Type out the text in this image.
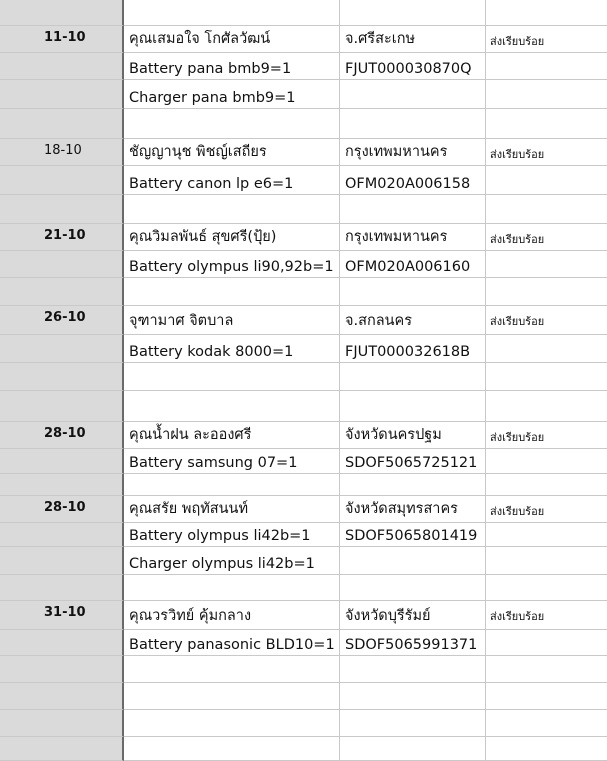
11-10	คุณเสมอใจ โกศัลวัฒน์	จ.ศรีสะเกษ	ส่งเรียบร้อย
Battery pana bmb9=1	FJUT000030870Q
Charger pana bmb9=1
18-10	ชัญญานุช พิชญ์เสถียร	กรุงเทพมหานคร	ส่งเรียบร้อย
Battery canon lp e6=1	OFM020A006158
21-10	คุณวิมลพันธ์ สุขศรี(ปุ้ย)	กรุงเทพมหานคร	ส่งเรียบร้อย
Battery olympus li90,92b=1 OFM020A006160
26-10	จุฑามาศ จิตบาล	จ.สกลนคร	ส่งเรียบร้อย
Battery kodak 8000=1	FJUT000032618B
28-10	คุณน้ำฝน ละอองศรี	จังหวัดนครปฐม	ส่งเรียบร้อย
Battery samsung 07=1	SDOF5065725121
28-10	คุณสรัย พฤทัสนนท์	จังหวัดสมุทรสาคร	ส่งเรียบร้อย
Battery olympus li42b=1 SDOF5065801419
Charger olympus li42b=1
31-10	คุณวรวิทย์ คุ้มกลาง	จังหวัดบุรีรัมย์	ส่งเรียบร้อย
Battery panasonic BLD10=1 SDOF5065991371
